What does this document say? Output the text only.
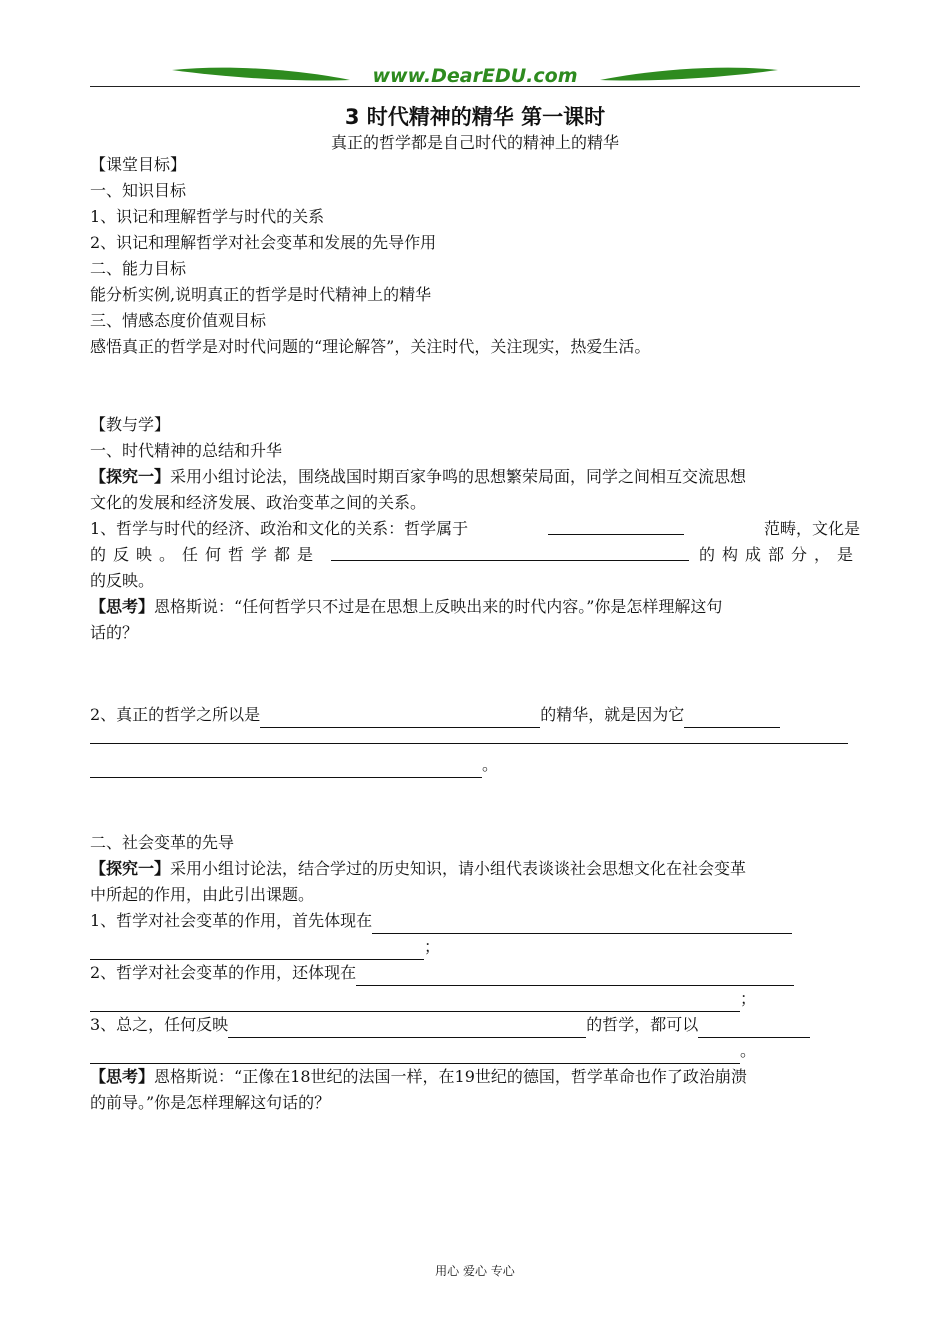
www.DearEDU.com
3 时代精神的精华 第一课时
真正的哲学都是自己时代的精神上的精华
【课堂目标】
一、知识目标
1、识记和理解哲学与时代的关系
2、识记和理解哲学对社会变革和发展的先导作用
二、能力目标
能分析实例,说明真正的哲学是时代精神上的精华
三、情感态度价值观目标
感悟真正的哲学是对时代问题的“理论解答”，关注时代，关注现实，热爱生活。
【教与学】
一、时代精神的总结和升华
【探究一】采用小组讨论法，围绕战国时期百家争鸣的思想繁荣局面，同学之间相互交流思想
文化的发展和经济发展、政治变革之间的关系。
1、哲学与时代的经济、政治和文化的关系：哲学属于	范畴，文化是
的反映。任何哲学都是	的构成部分，是
的反映。
【思考】恩格斯说：“任何哲学只不过是在思想上反映出来的时代内容。”你是怎样理解这句
话的？
2、真正的哲学之所以是	的精华，就是因为它
。
二、社会变革的先导
【探究一】采用小组讨论法，结合学过的历史知识，请小组代表谈谈社会思想文化在社会变革
中所起的作用，由此引出课题。
1、哲学对社会变革的作用，首先体现在
；
2、哲学对社会变革的作用，还体现在
；
3、总之，任何反映	的哲学，都可以
。
【思考】恩格斯说：“正像在18世纪的法国一样，在19世纪的德国，哲学革命也作了政治崩溃
的前导。”你是怎样理解这句话的？
用心 爱心 专心
